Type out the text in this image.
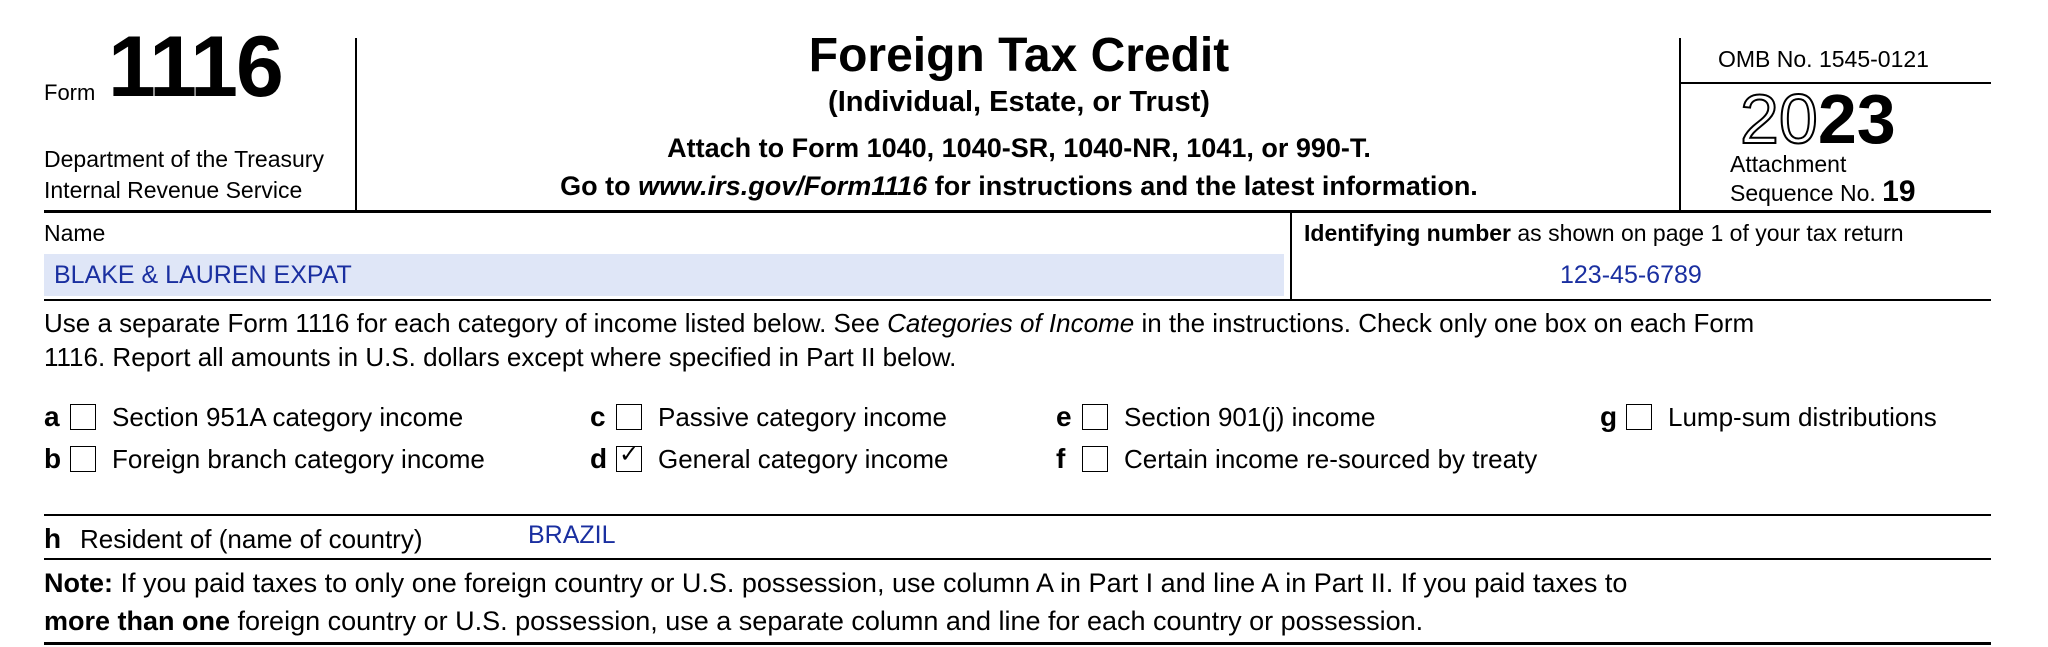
Form 1116
Department of the Treasury
Internal Revenue Service
Foreign Tax Credit
(Individual, Estate, or Trust)
Attach to Form 1040, 1040-SR, 1040-NR, 1041, or 990-T.
Go to www.irs.gov/Form1116 for instructions and the latest information.
OMB No. 1545-0121
2023
Attachment
Sequence No. 19
Name
BLAKE & LAUREN EXPAT
Identifying number as shown on page 1 of your tax return
123-45-6789
Use a separate Form 1116 for each category of income listed below. See Categories of Income in the instructions. Check only one box on each Form
1116. Report all amounts in U.S. dollars except where specified in Part II below.
a	Section 951A category income
b	Foreign branch category income
c	Passive category income
d ✓ General category income
e	Section 901(j) income
f	Certain income re-sourced by treaty
g	Lump-sum distributions
h Resident of (name of country)	BRAZIL
Note: If you paid taxes to only one foreign country or U.S. possession, use column A in Part I and line A in Part II. If you paid taxes to
more than one foreign country or U.S. possession, use a separate column and line for each country or possession.
